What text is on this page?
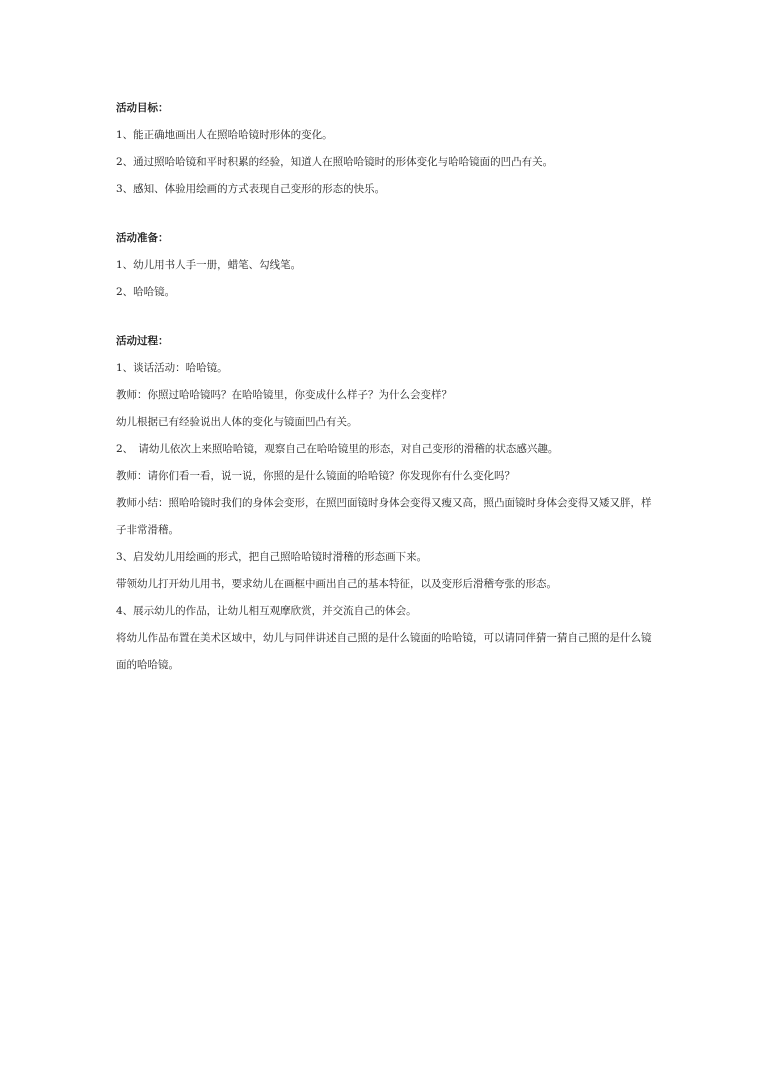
活动目标：

1、能正确地画出人在照哈哈镜时形体的变化。

2、通过照哈哈镜和平时积累的经验，知道人在照哈哈镜时的形体变化与哈哈镜面的凹凸有关。

3、感知、体验用绘画的方式表现自己变形的形态的快乐。

活动准备：

1、幼儿用书人手一册，蜡笔、勾线笔。

2、哈哈镜。

活动过程：

1、谈话活动：哈哈镜。

教师：你照过哈哈镜吗？在哈哈镜里，你变成什么样子？为什么会变样？

幼儿根据已有经验说出人体的变化与镜面凹凸有关。

2、　请幼儿依次上来照哈哈镜，观察自己在哈哈镜里的形态，对自己变形的滑稽的状态感兴趣。

教师：请你们看一看，说一说，你照的是什么镜面的哈哈镜？你发现你有什么变化吗？

教师小结：照哈哈镜时我们的身体会变形，在照凹面镜时身体会变得又瘦又高，照凸面镜时身体会变得又矮又胖，样子非常滑稽。

3、启发幼儿用绘画的形式，把自己照哈哈镜时滑稽的形态画下来。

带领幼儿打开幼儿用书，要求幼儿在画框中画出自己的基本特征，以及变形后滑稽夸张的形态。

4、展示幼儿的作品，让幼儿相互观摩欣赏，并交流自己的体会。

将幼儿作品布置在美术区域中，幼儿与同伴讲述自己照的是什么镜面的哈哈镜，可以请同伴猜一猜自己照的是什么镜面的哈哈镜。
